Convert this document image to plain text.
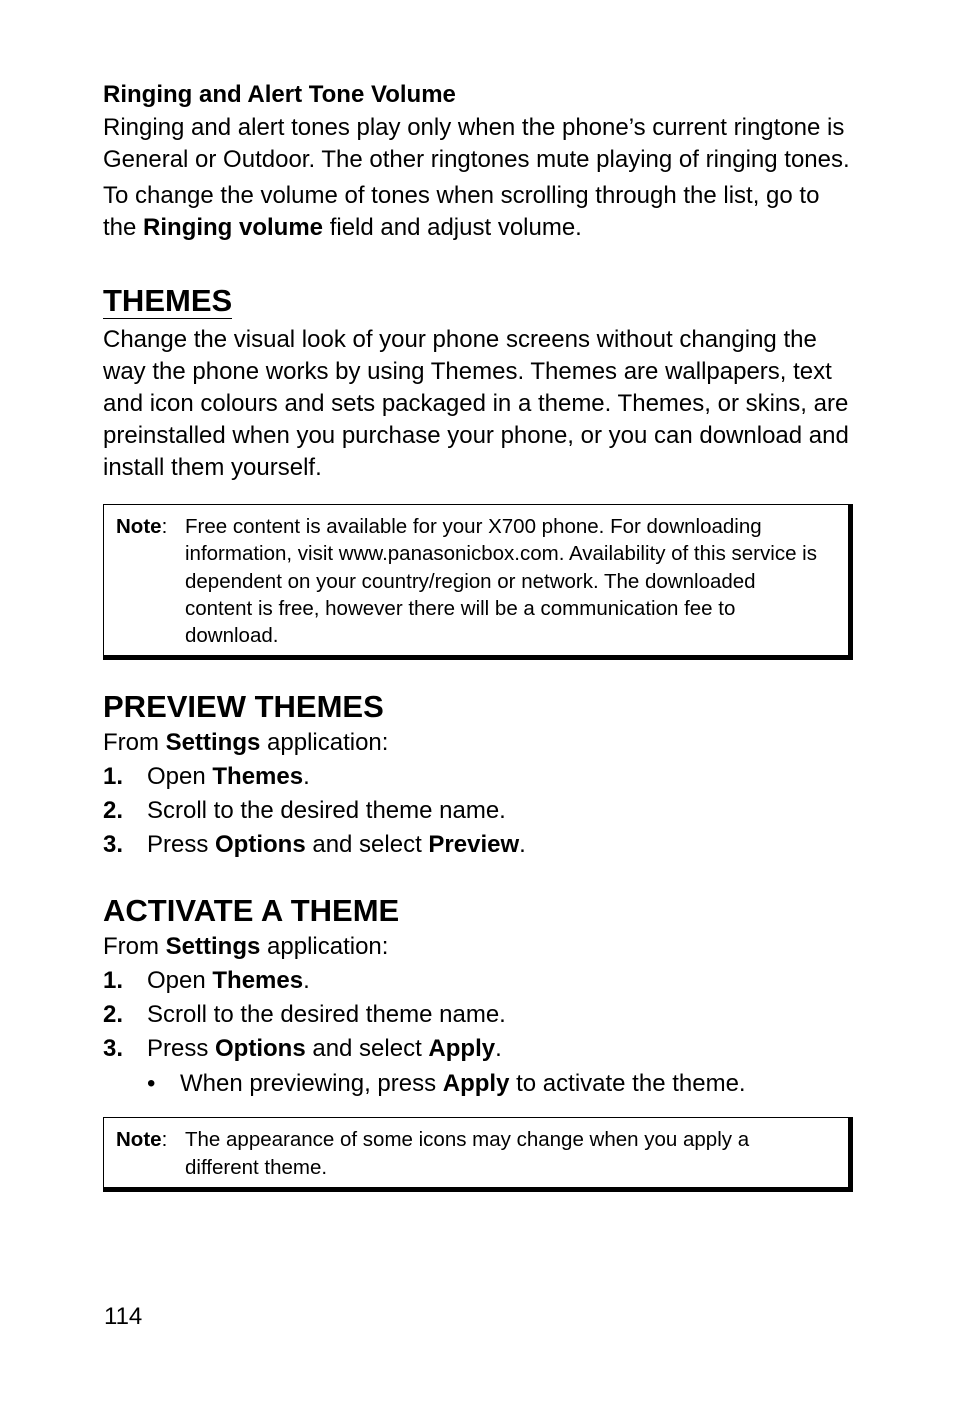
Ringing and Alert Tone Volume

Ringing and alert tones play only when the phone’s current ringtone is General or Outdoor. The other ringtones mute playing of ringing tones.

To change the volume of tones when scrolling through the list, go to the Ringing volume field and adjust volume.

THEMES

Change the visual look of your phone screens without changing the way the phone works by using Themes. Themes are wallpapers, text and icon colours and sets packaged in a theme. Themes, or skins, are preinstalled when you purchase your phone, or you can download and install them yourself.

Note: Free content is available for your X700 phone. For downloading information, visit www.panasonicbox.com. Availability of this service is dependent on your country/region or network. The downloaded content is free, however there will be a communication fee to download.
PREVIEW THEMES

From Settings application:

1. Open Themes.
2. Scroll to the desired theme name.
3. Press Options and select Preview.
ACTIVATE A THEME

From Settings application:

1. Open Themes.
2. Scroll to the desired theme name.
3. Press Options and select Apply.
•	When previewing, press Apply to activate the theme.
Note: The appearance of some icons may change when you apply a different theme.
114
